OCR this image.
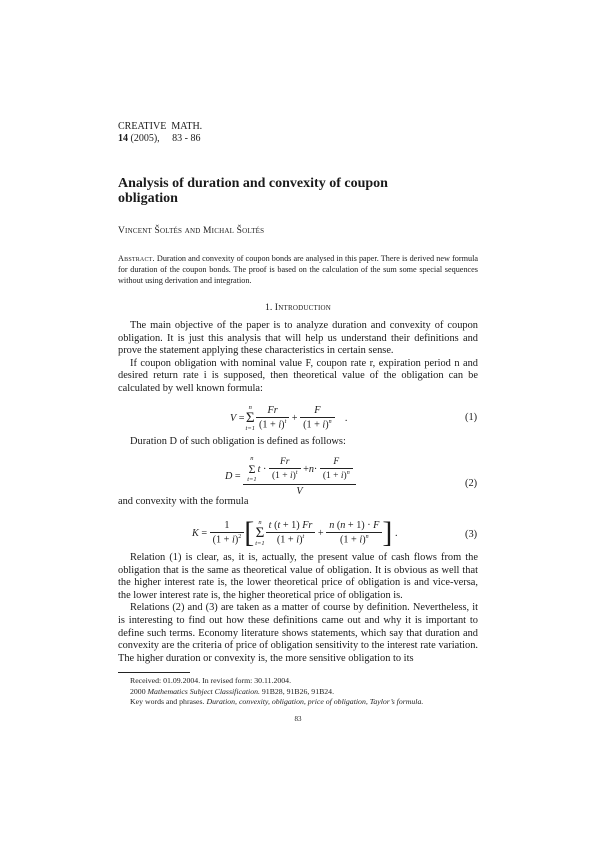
CREATIVE  MATH.
14 (2005), 83 - 86
Analysis of duration and convexity of coupon
obligation
Vincent Šoltés and Michal Šoltés
Abstract. Duration and convexity of coupon bonds are analysed in this paper. There is derived new formula for duration of the coupon bonds. The proof is based on the calculation of the sum some special sequences without using derivation and integration.
1. Introduction

The main objective of the paper is to analyze duration and convexity of coupon obligation. It is just this analysis that will help us understand their definitions and prove the statement applying these characteristics in certain sense.

If coupon obligation with nominal value F, coupon rate r, expiration period n and desired return rate i is supposed, then theoretical value of the obligation can be calculated by well known formula:

V =
n
Σ
$t=1 \frac{Fr}{(1 + i)^t} + \frac{F}{(1 + i)^n}$ .	(1)

Duration D of such obligation is defined as follows:

D =
n
Σ
t=1
$t \cdot \frac{Fr}{(1 + i)^t} + n \cdot \frac{F}{(1 + i)^n}$
V
(2)

and convexity with the formula

$K = \frac{1}{(1 + i)^2}$ [ n
Σ
$t=1 \frac{t (t + 1) Fr}{(1 + i)^t} + \frac{n (n + 1) \cdot F}{(1 + i)^n}$ ] .	(3)

Relation (1) is clear, as, it is, actually, the present value of cash flows from the obligation that is the same as theoretical value of obligation. It is obvious as well that the higher interest rate is, the lower theoretical price of obligation is and vice-versa, the lower interest rate is, the higher theoretical price of obligation is.

Relations (2) and (3) are taken as a matter of course by definition. Nevertheless, it is interesting to find out how these definitions came out and why it is important to define such terms. Economy literature shows statements, which say that duration and convexity are the criteria of price of obligation sensitivity to the interest rate variation. The higher duration or convexity is, the more sensitive obligation to its

Received: 01.09.2004. In revised form: 30.11.2004.
2000 Mathematics Subject Classification. 91B28, 91B26, 91B24.
Key words and phrases. Duration, convexity, obligation, price of obligation, Taylor’s formula.
83
